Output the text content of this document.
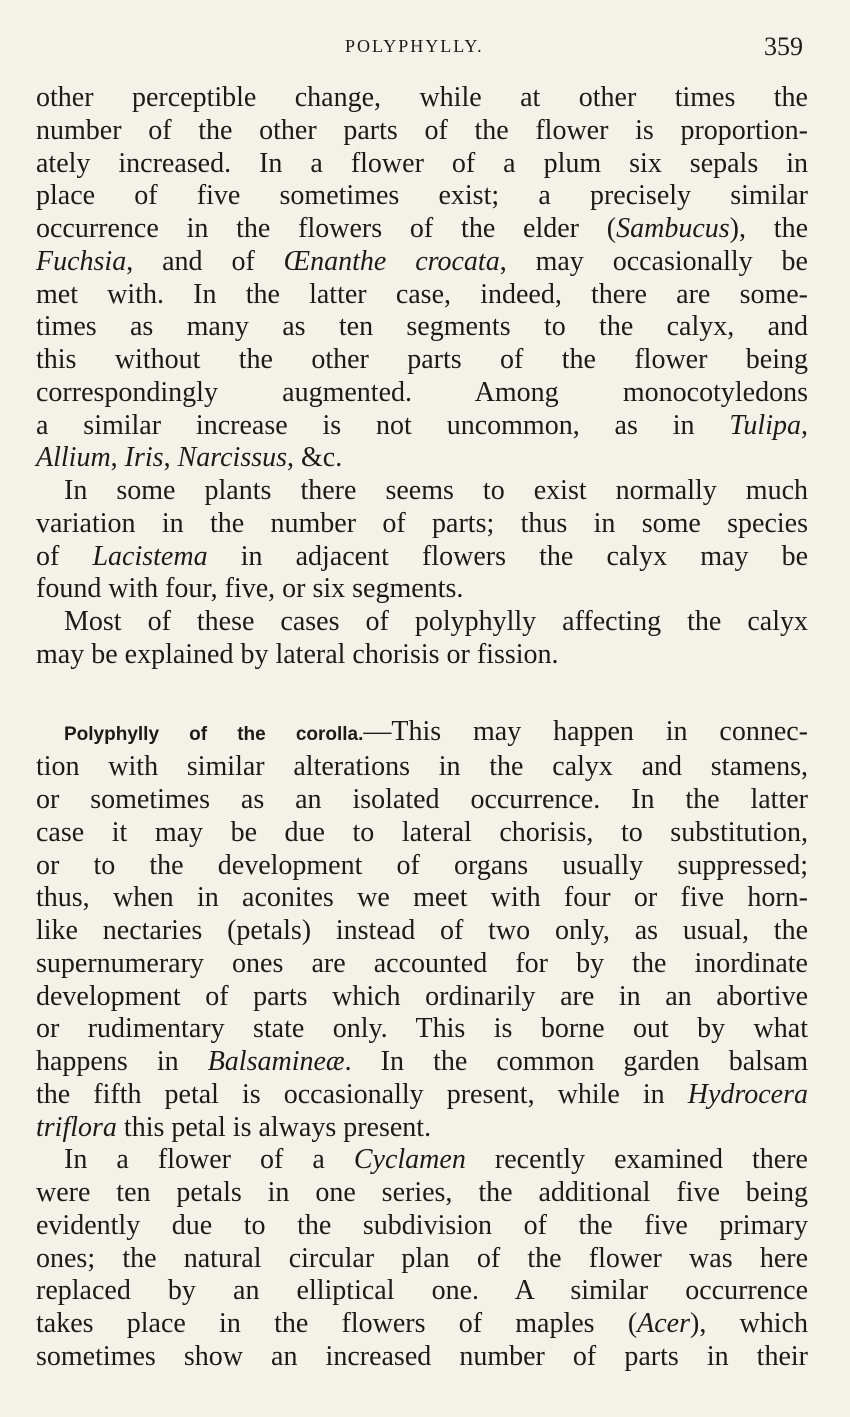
POLYPHYLLY.	359

other perceptible change, while at other times the
number of the other parts of the flower is proportion-
ately increased. In a flower of a plum six sepals in
place of five sometimes exist; a precisely similar
occurrence in the flowers of the elder (Sambucus), the
Fuchsia, and of Œnanthe crocata, may occasionally be
met with. In the latter case, indeed, there are some-
times as many as ten segments to the calyx, and
this without the other parts of the flower being
correspondingly augmented. Among monocotyledons
a similar increase is not uncommon, as in Tulipa,
Allium, Iris, Narcissus, &c.

In some plants there seems to exist normally much
variation in the number of parts; thus in some species
of Lacistema in adjacent flowers the calyx may be
found with four, five, or six segments.

Most of these cases of polyphylly affecting the calyx
may be explained by lateral chorisis or fission.

Polyphylly of the corolla.—This may happen in connec-
tion with similar alterations in the calyx and stamens,
or sometimes as an isolated occurrence. In the latter
case it may be due to lateral chorisis, to substitution,
or to the development of organs usually suppressed;
thus, when in aconites we meet with four or five horn-
like nectaries (petals) instead of two only, as usual, the
supernumerary ones are accounted for by the inordinate
development of parts which ordinarily are in an abortive
or rudimentary state only. This is borne out by what
happens in Balsamineæ. In the common garden balsam
the fifth petal is occasionally present, while in Hydrocera
triflora this petal is always present.

In a flower of a Cyclamen recently examined there
were ten petals in one series, the additional five being
evidently due to the subdivision of the five primary
ones; the natural circular plan of the flower was here
replaced by an elliptical one. A similar occurrence
takes place in the flowers of maples (Acer), which
sometimes show an increased number of parts in their
